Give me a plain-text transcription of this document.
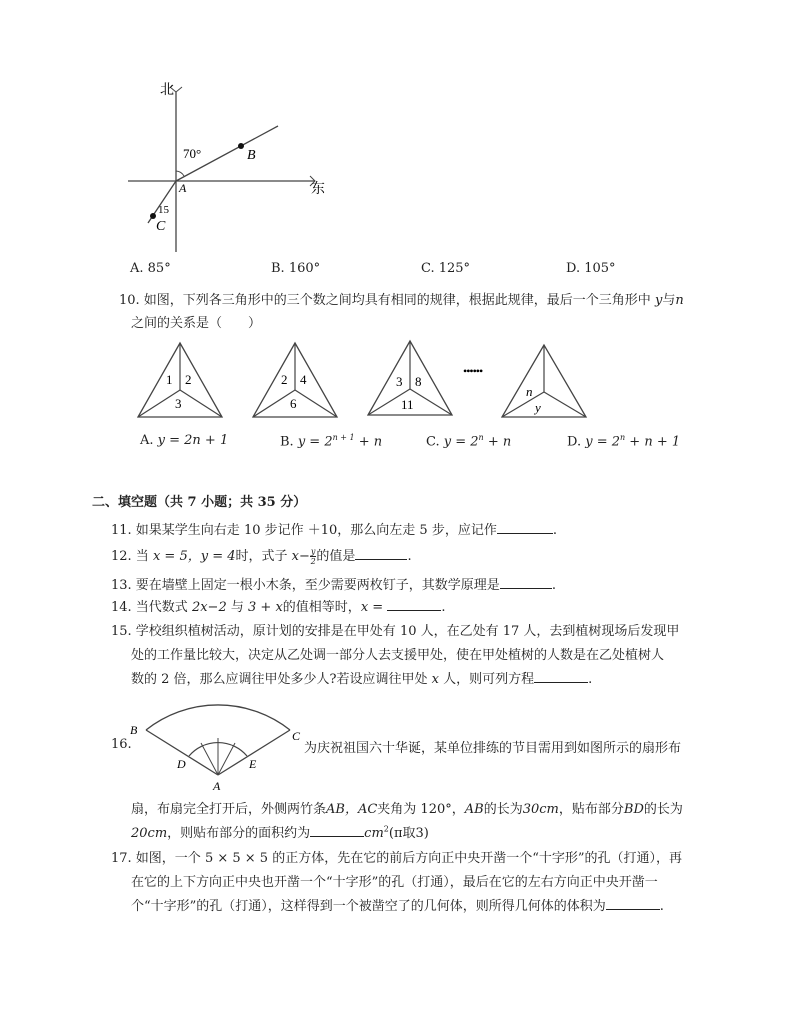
北
东
70°
15
A
B
C
A. 85°	B. 160°	C. 125°	D. 105°
10. 如图，下列各三角形中的三个数之间均具有相同的规律，根据此规律，最后一个三角形中 y与n
之间的关系是（　　）
1 2
3
2 4
6
3 8
11
••••••
n
y
A. y = 2n + 1	B. $y = 2^{n + 1} + n$	C. $y = 2^n + n$	D. $y = 2^n + n + 1$
二、填空题（共 7 小题；共 35 分）
11. 如果某学生向右走 10 步记作 ＋10，那么向左走 5 步，应记作	.
12. 当 x = 5，y = 4时，式子 $x- \frac{y}{2}$ 的值是	.
13. 要在墙壁上固定一根小木条，至少需要两枚钉子，其数学原理是	.
14. 当代数式 2x−2 与 3 + x的值相等时，x =	.
15. 学校组织植树活动，原计划的安排是在甲处有 10 人，在乙处有 17 人，去到植树现场后发现甲
处的工作量比较大，决定从乙处调一部分人去支援甲处，使在甲处植树的人数是在乙处植树人
数的 2 倍，那么应调往甲处多少人?若设应调往甲处 x 人，则可列方程	.
16.
B	C
D	E
A
为庆祝祖国六十华诞，某单位排练的节目需用到如图所示的扇形布
扇，布扇完全打开后，外侧两竹条AB，AC夹角为 120°，AB的长为30cm，贴布部分BD的长为
20cm，则贴布部分的面积约为	$cm^2(\pi$取3)
17. 如图，一个 5 × 5 × 5 的正方体，先在它的前后方向正中央开凿一个“十字形”的孔（打通），再
在它的上下方向正中央也开凿一个“十字形”的孔（打通），最后在它的左右方向正中央开凿一
个“十字形”的孔（打通），这样得到一个被凿空了的几何体，则所得几何体的体积为	.
